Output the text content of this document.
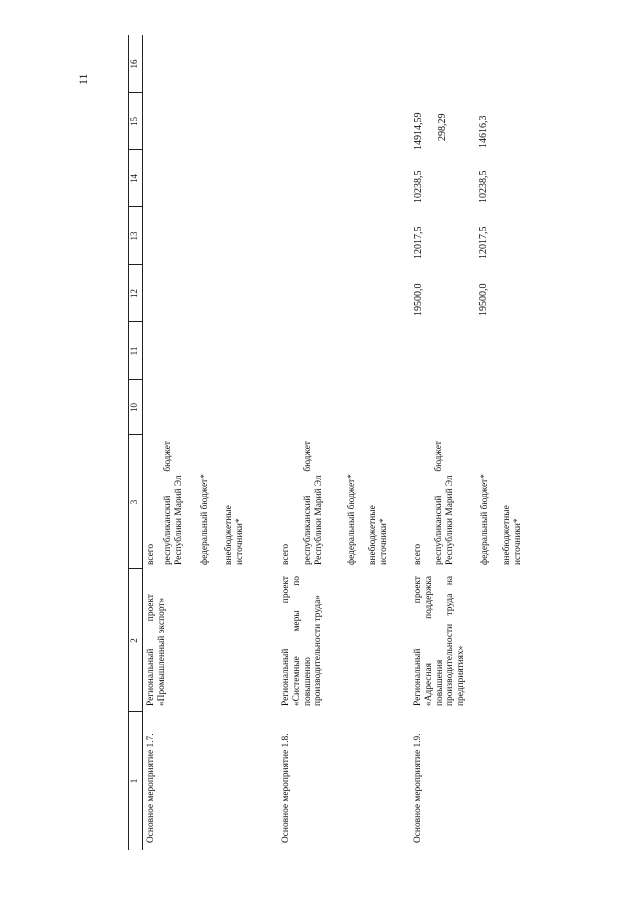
11
1
2
3
10
11
12
13
14
15
16
Основное мероприятие 1.7.
Региональный проект «Промышленный экспорт»
всего республиканский бюджет Республики Марий Эл федеральный бюджет* внебюджетные источники*
Основное мероприятие 1.8.
Региональный проект «Системные меры по повышению производительности труда»
всего республиканский бюджет Республики Марий Эл федеральный бюджет* внебюджетные источники*
Основное мероприятие 1.9.
Региональный проект «Адресная поддержка повышения производительности труда на предприятиях»
всего республиканский бюджет Республики Марий Эл	федеральный бюджет* внебюджетные источники*
19500,0
12017,5
10238,5
14914,59 298,29
19500,0
12017,5
10238,5
14616,3
